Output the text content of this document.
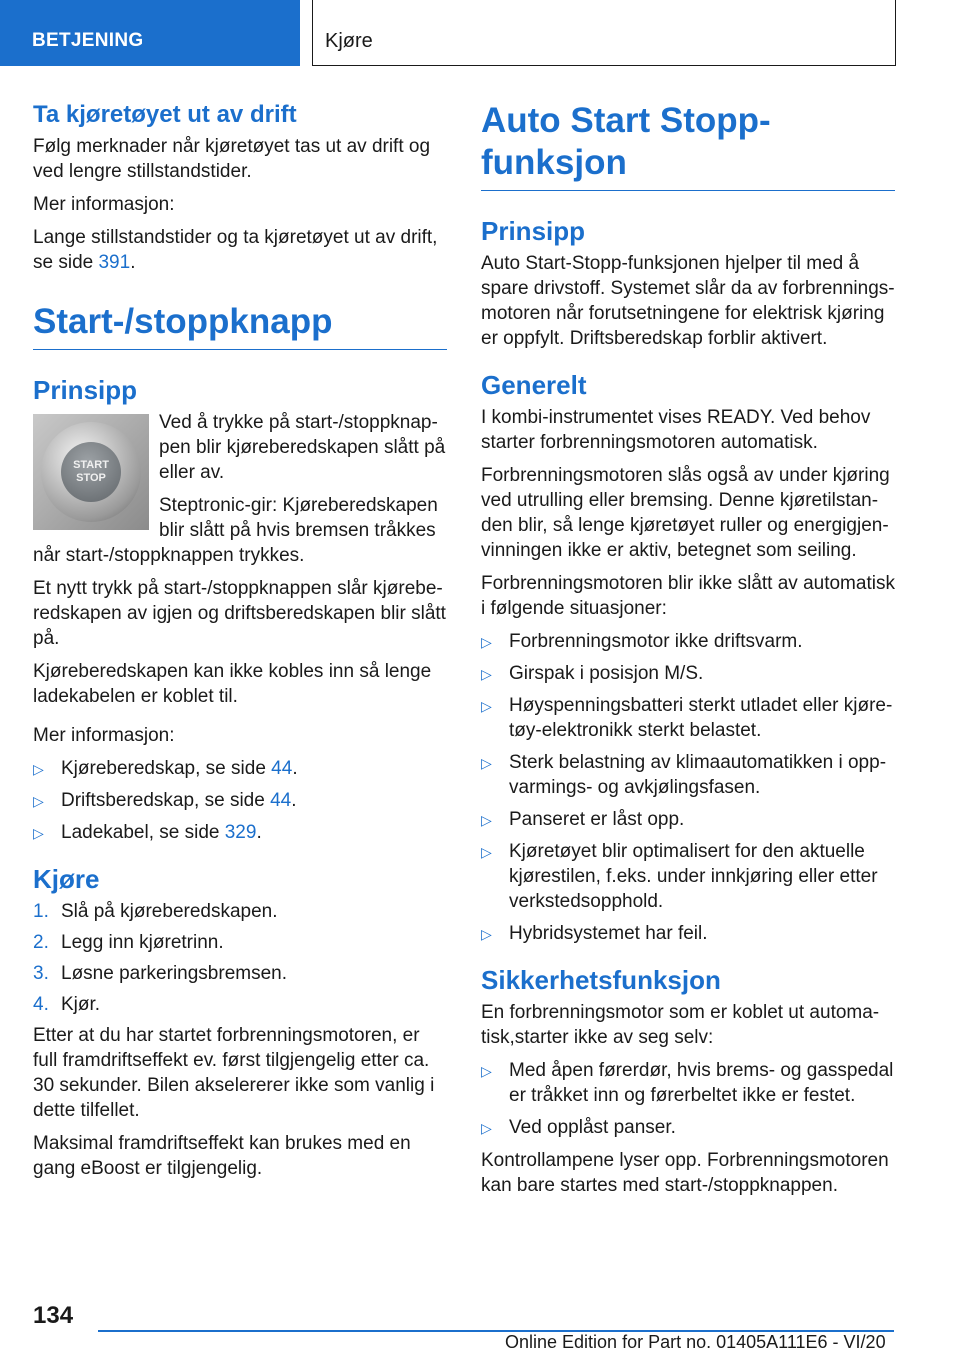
BETJENING	Kjøre
Ta kjøretøyet ut av drift

Følg merknader når kjøretøyet tas ut av drift og ved lengre stillstandstider.

Mer informasjon:

Lange stillstandstider og ta kjøretøyet ut av drift, se side 391.

Start-/stoppknapp
Prinsipp
START
STOP

Ved å trykke på start-/stoppknap-pen blir kjøreberedskapen slått på eller av.

Steptronic-gir: Kjøreberedskapen blir slått på hvis bremsen tråkkes når start-/stoppknappen trykkes.

Et nytt trykk på start-/stoppknappen slår kjørebe-redskapen av igjen og driftsberedskapen blir slått på.

Kjøreberedskapen kan ikke kobles inn så lenge ladekabelen er koblet til.

Mer informasjon:

▷ Kjøreberedskap, se side 44.
▷ Driftsberedskap, se side 44.
▷ Ladekabel, se side 329.
Kjøre
1. Slå på kjøreberedskapen.
2. Legg inn kjøretrinn.
3. Løsne parkeringsbremsen.
4. Kjør.

Etter at du har startet forbrenningsmotoren, er full framdriftseffekt ev. først tilgjengelig etter ca. 30 sekunder. Bilen akselererer ikke som vanlig i dette tilfellet.

Maksimal framdriftseffekt kan brukes med en gang eBoost er tilgjengelig.

Auto Start Stopp-funksjon
Prinsipp

Auto Start-Stopp-funksjonen hjelper til med å spare drivstoff. Systemet slår da av forbrennings-motoren når forutsetningene for elektrisk kjøring er oppfylt. Driftsberedskap forblir aktivert.

Generelt

I kombi-instrumentet vises READY. Ved behov starter forbrenningsmotoren automatisk.

Forbrenningsmotoren slås også av under kjøring ved utrulling eller bremsing. Denne kjøretilstan-den blir, så lenge kjøretøyet ruller og energigjen-vinningen ikke er aktiv, betegnet som seiling.

Forbrenningsmotoren blir ikke slått av automatisk i følgende situasjoner:

▷ Forbrenningsmotor ikke driftsvarm.
▷ Girspak i posisjon M/S.
▷ Høyspenningsbatteri sterkt utladet eller kjøre-tøy-elektronikk sterkt belastet.
▷ Sterk belastning av klimaautomatikken i opp-varmings- og avkjølingsfasen.
▷ Panseret er låst opp.
▷ Kjøretøyet blir optimalisert for den aktuelle kjørestilen, f.eks. under innkjøring eller etter verkstedsopphold.
▷ Hybridsystemet har feil.
Sikkerhetsfunksjon

En forbrenningsmotor som er koblet ut automa-tisk,starter ikke av seg selv:

▷ Med åpen førerdør, hvis brems- og gasspedal er tråkket inn og førerbeltet ikke er festet.
▷ Ved opplåst panser.

Kontrollampene lyser opp. Forbrenningsmotoren kan bare startes med start-/stoppknappen.

134
Online Edition for Part no. 01405A111E6 - VI/20
